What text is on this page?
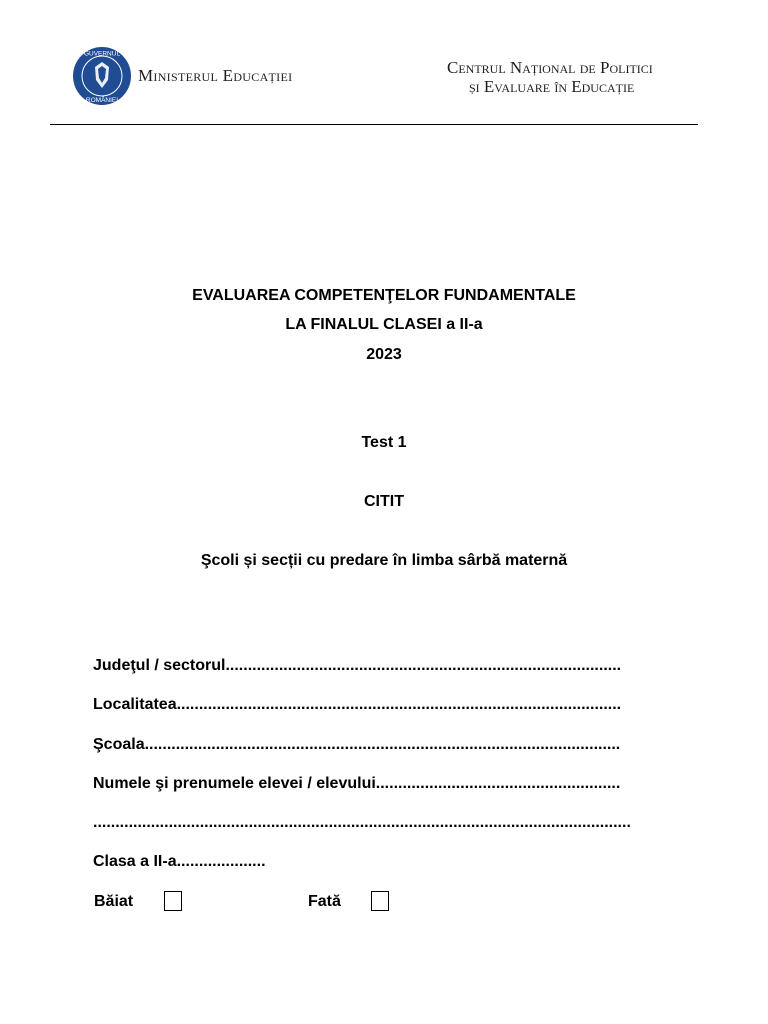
GUVERNUL
ROMÂNIEI
Ministerul Educației	Centrul Național de Politici
și Evaluare în Educație
EVALUAREA COMPETENŢELOR FUNDAMENTALE
LA FINALUL CLASEI a II-a
2023
Test 1
CITIT
Şcoli și secții cu predare în limba sârbă maternă
Judeţul / sectorul.........................................................................................
Localitatea....................................................................................................
Şcoala...........................................................................................................
Numele şi prenumele elevei / elevului.......................................................
.........................................................................................................................
Clasa a II-a....................
Băiat	Fată
